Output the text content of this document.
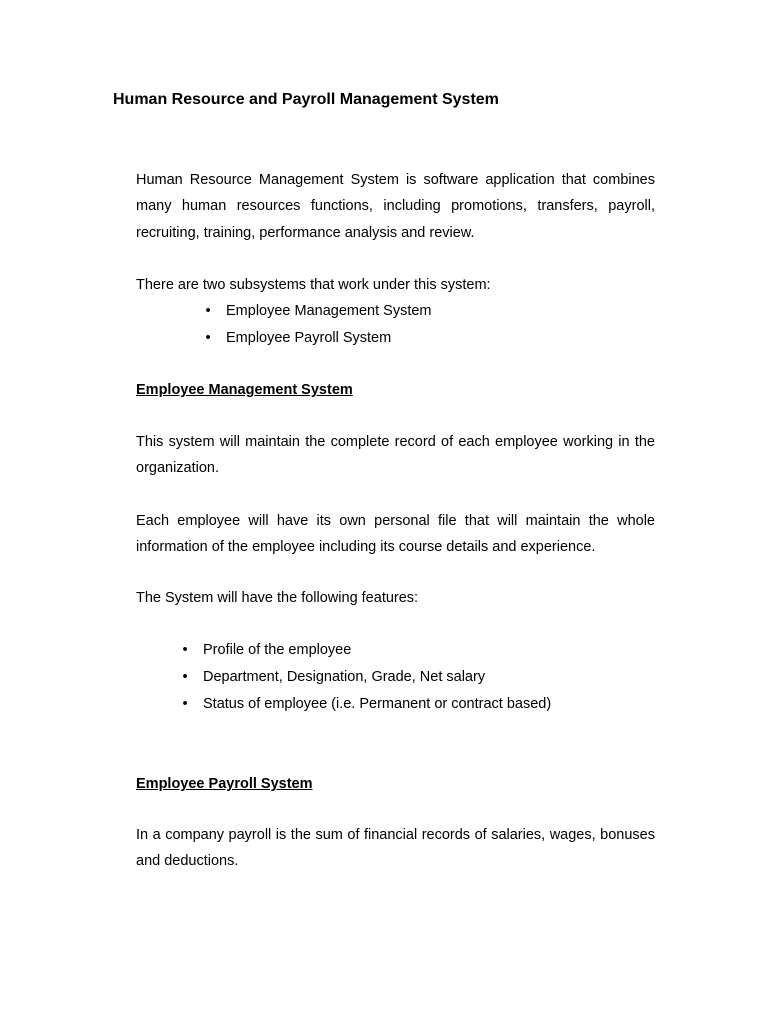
Human Resource and Payroll Management System

Human Resource Management System is software application that combines many human resources functions, including promotions, transfers, payroll, recruiting, training, performance analysis and review.

There are two subsystems that work under this system:

• Employee Management System
• Employee Payroll System
Employee Management System

This system will maintain the complete record of each employee working in the organization.

Each employee will have its own personal file that will maintain the whole information of the employee including its course details and experience.

The System will have the following features:

• Profile of the employee
• Department, Designation, Grade, Net salary
• Status of employee (i.e. Permanent or contract based)
Employee Payroll System

In a company payroll is the sum of financial records of salaries, wages, bonuses and deductions.
